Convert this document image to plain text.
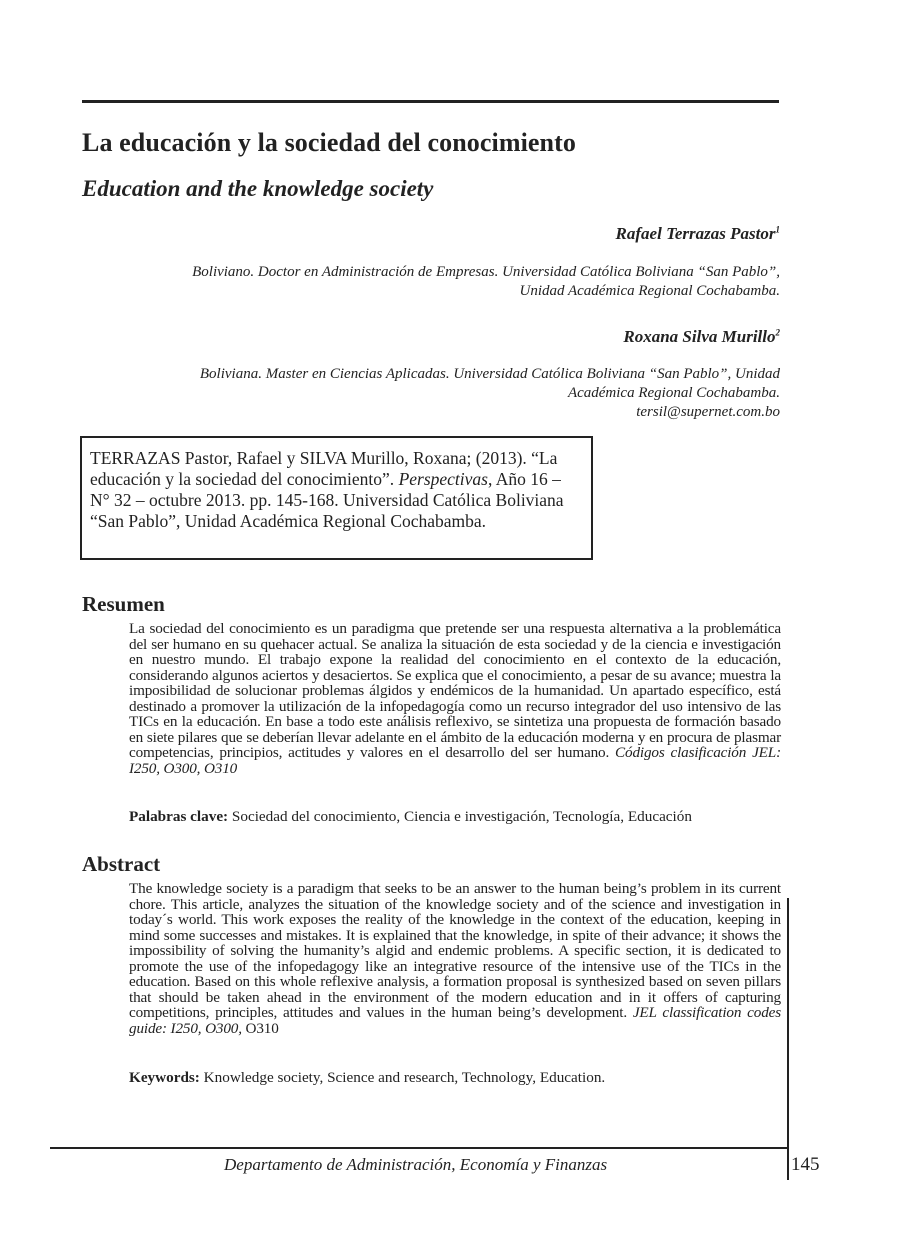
La educación y la sociedad del conocimiento
Education and the knowledge society

Rafael Terrazas Pastor$^1$

Boliviano. Doctor en Administración de Empresas. Universidad Católica Boliviana “San Pablo”,
Unidad Académica Regional Cochabamba.

Roxana Silva Murillo$^2$

Boliviana. Master en Ciencias Aplicadas. Universidad Católica Boliviana “San Pablo”, Unidad
Académica Regional Cochabamba.
tersil@supernet.com.bo
TERRAZAS Pastor, Rafael y SILVA Murillo, Roxana; (2013). “La educación y la sociedad del conocimiento”. Perspectivas, Año 16 – N° 32 – octubre 2013. pp. 145-168. Universidad Católica Boliviana “San Pablo”, Unidad Académica Regional Cochabamba.
Resumen

La sociedad del conocimiento es un paradigma que pretende ser una respuesta alternativa a la problemática del ser humano en su quehacer actual. Se analiza la situación de esta sociedad y de la ciencia e investigación en nuestro mundo. El trabajo expone la realidad del conocimiento en el contexto de la educación, considerando algunos aciertos y desaciertos. Se explica que el conocimiento, a pesar de su avance; muestra la imposibilidad de solucionar problemas álgidos y endémicos de la humanidad. Un apartado específico, está destinado a promover la utilización de la infopedagogía como un recurso integrador del uso intensivo de las TICs en la educación. En base a todo este análisis reflexivo, se sintetiza una propuesta de formación basado en siete pilares que se deberían llevar adelante en el ámbito de la educación moderna y en procura de plasmar competencias, principios, actitudes y valores en el desarrollo del ser humano. Códigos clasificación JEL: I250, O300, O310

Palabras clave: Sociedad del conocimiento, Ciencia e investigación, Tecnología, Educación

Abstract

The knowledge society is a paradigm that seeks to be an answer to the human being’s problem in its current chore. This article, analyzes the situation of the knowledge society and of the science and investigation in today´s world. This work exposes the reality of the knowledge in the context of the education, keeping in mind some successes and mistakes. It is explained that the knowledge, in spite of their advance; it shows the impossibility of solving the humanity’s algid and endemic problems. A specific section, it is dedicated to promote the use of the infopedagogy like an integrative resource of the intensive use of the TICs in the education. Based on this whole reflexive analysis, a formation proposal is synthesized based on seven pillars that should be taken ahead in the environment of the modern education and in it offers of capturing competitions, principles, attitudes and values in the human being’s development. JEL classification codes guide: I250, O300, O310

Keywords: Knowledge society, Science and research, Technology, Education.

Departamento de Administración, Economía y Finanzas	145
